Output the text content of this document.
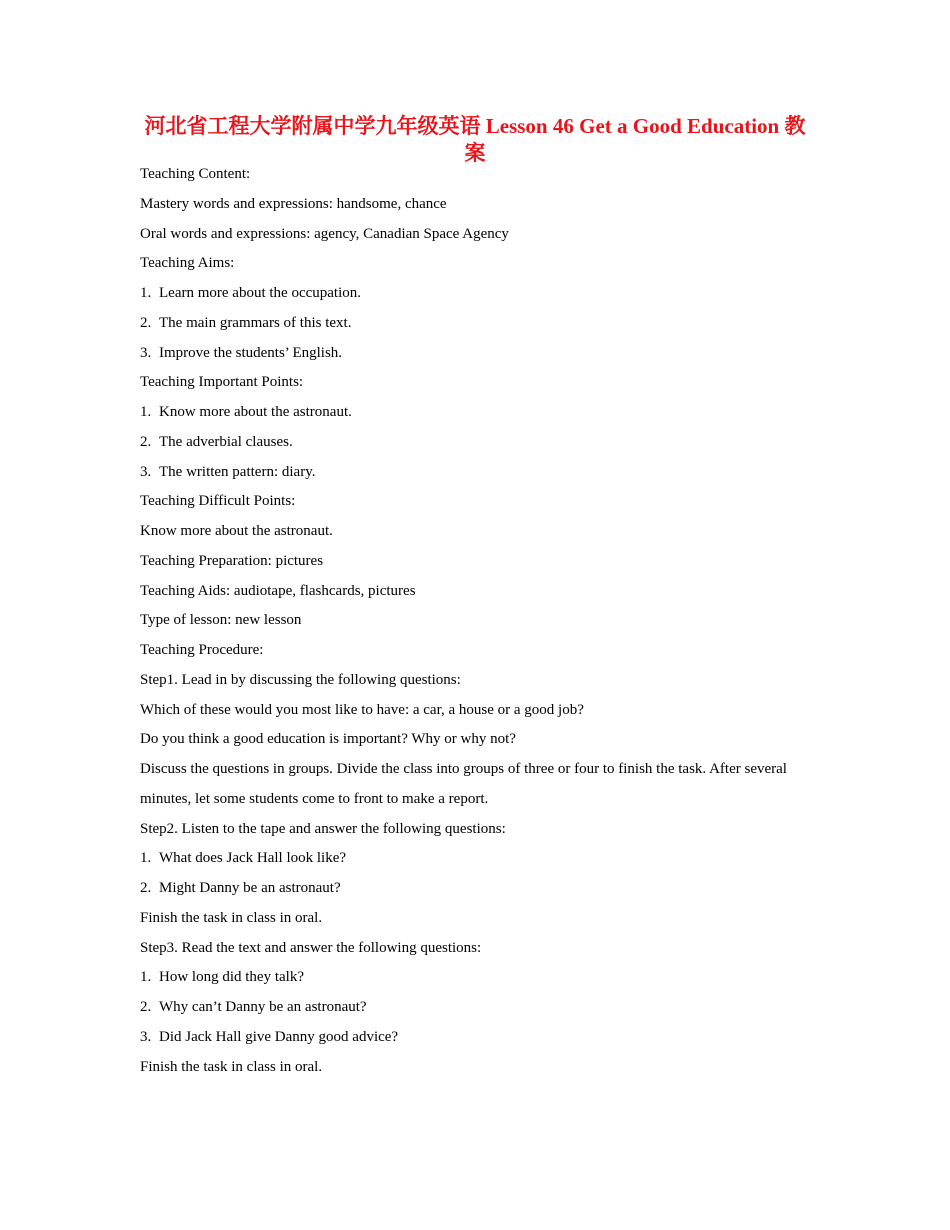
河北省工程大学附属中学九年级英语 Lesson 46 Get a Good Education 教案

Teaching Content:

Mastery words and expressions: handsome, chance

Oral words and expressions: agency, Canadian Space Agency

Teaching Aims:

1. Learn more about the occupation.

2. The main grammars of this text.

3. Improve the students’ English.

Teaching Important Points:

1. Know more about the astronaut.

2. The adverbial clauses.

3. The written pattern: diary.

Teaching Difficult Points:

Know more about the astronaut.

Teaching Preparation: pictures

Teaching Aids: audiotape, flashcards, pictures

Type of lesson: new lesson

Teaching Procedure:

Step1. Lead in by discussing the following questions:

Which of these would you most like to have: a car, a house or a good job?

Do you think a good education is important? Why or why not?

Discuss the questions in groups. Divide the class into groups of three or four to finish the task. After several minutes, let some students come to front to make a report.

Step2. Listen to the tape and answer the following questions:

1. What does Jack Hall look like?

2. Might Danny be an astronaut?

Finish the task in class in oral.

Step3. Read the text and answer the following questions:

1. How long did they talk?

2. Why can’t Danny be an astronaut?

3. Did Jack Hall give Danny good advice?

Finish the task in class in oral.
